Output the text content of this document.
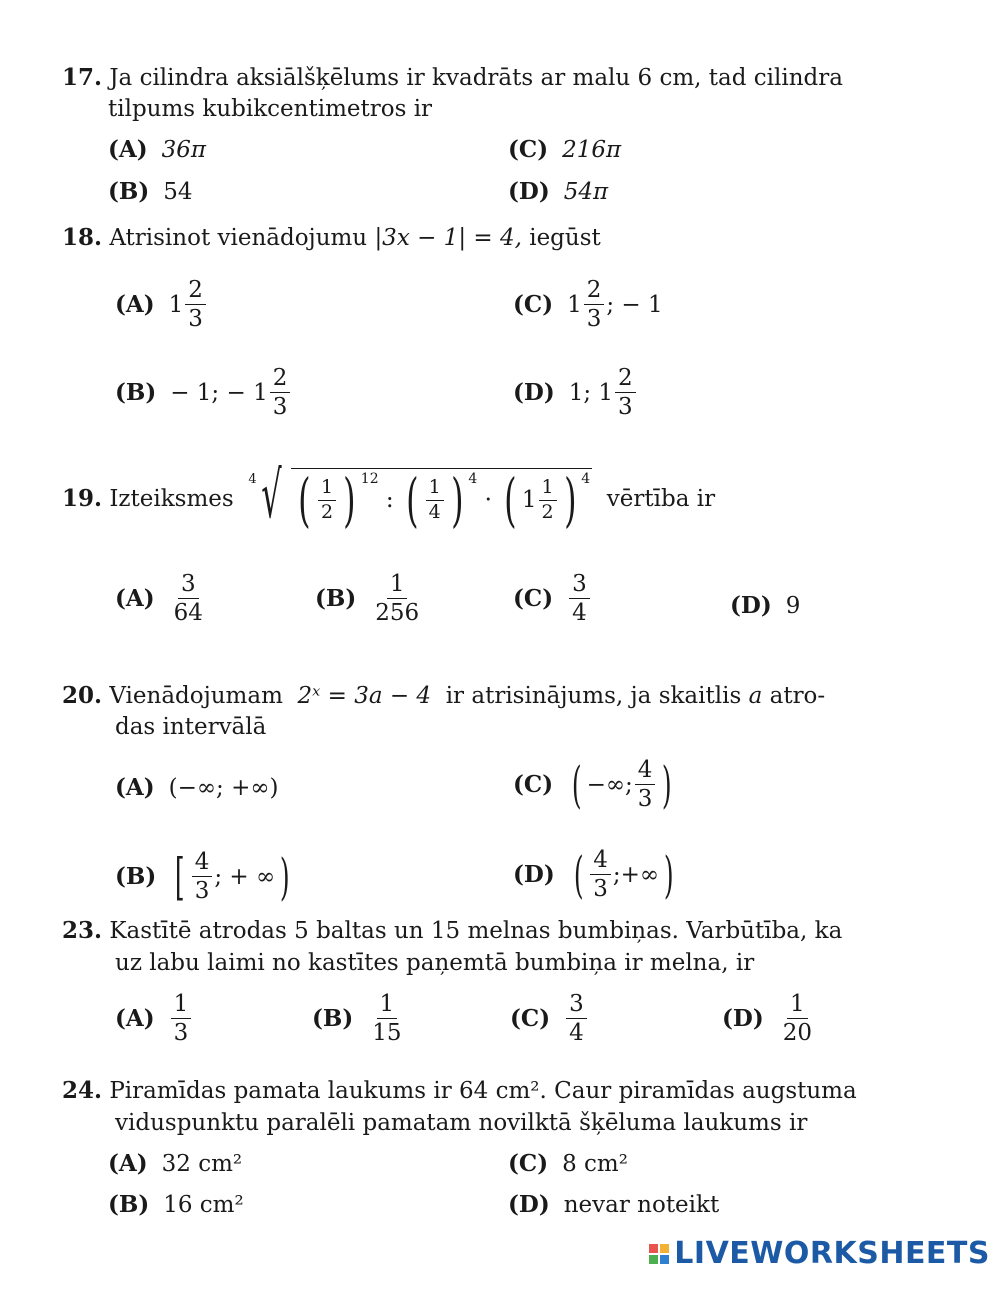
17. Ja cilindra aksiālšķēlums ir kvadrāts ar malu 6 cm, tad cilindra
tilpums kubikcentimetros ir
(A) 36π	(C) 216π
(B) 54	(D) 54π
18. Atrisinot vienādojumu |3x − 1| = 4, iegūst
(A) $1 \frac{2}{3}$	(C) $1 \frac{2}{3}$ ; − 1
(B) − 1; − $1 \frac{2}{3}$	(D) 1; $1 \frac{2}{3}$
19.
Izteiksmes

4 √ ( $\frac{1}{2}$ ) $^{12}$

:
( $\frac{1}{4}$ ) $^4$

·
( $1 \frac{1}{2}$ ) $^4$

vērtība ir
$(A) \frac{3}{64}$	$(B) \frac{1}{256}$	$(C) \frac{3}{4}$	(D) 9
20. Vienādojumam 2ˣ = 3a − 4 ir atrisinājums, ja skaitlis a atro-
das intervālā
(A) (−∞; +∞)	(C) ( −∞; $\frac{4}{3}$ )
(B) [ $\frac{4}{3}$ ; + ∞ )	(D) ( $\frac{4}{3}$ ;+∞ )
23. Kastītē atrodas 5 baltas un 15 melnas bumbiņas. Varbūtība, ka
uz labu laimi no kastītes paņemtā bumbiņa ir melna, ir
$(A) \frac{1}{3}$	$(B) \frac{1}{15}$	$(C) \frac{3}{4}$	$(D) \frac{1}{20}$
24. Piramīdas pamata laukums ir 64 cm². Caur piramīdas augstuma
viduspunktu paralēli pamatam novilktā šķēluma laukums ir
(A) 32 cm²	(C) 8 cm²
(B) 16 cm²	(D) nevar noteikt
LIVEWORKSHEETS
